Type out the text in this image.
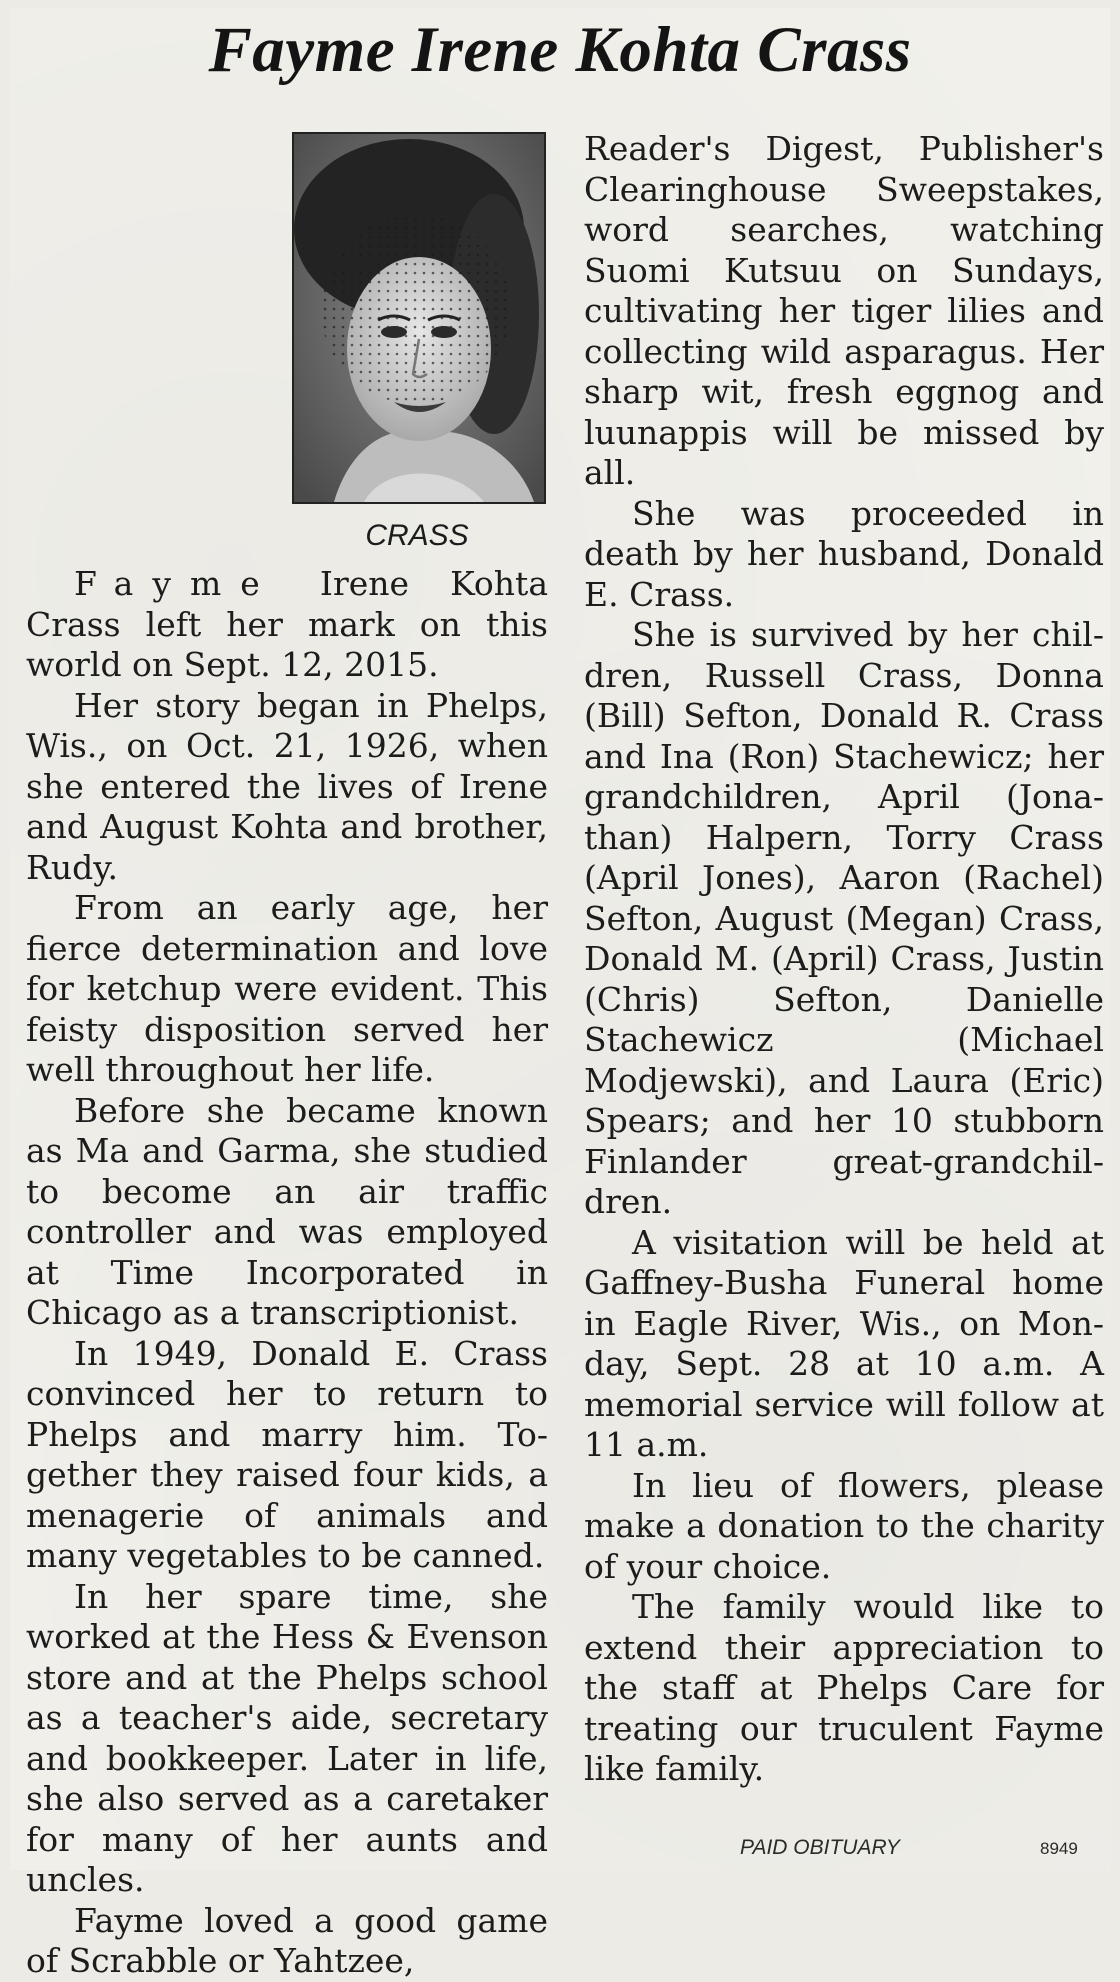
Fayme Irene Kohta Crass
CRASS

Fayme Irene Kohta Crass left her mark on this world on Sept. 12, 2015.

Her story began in Phelps, Wis., on Oct. 21, 1926, when she entered the lives of Irene and August Kohta and brother, Rudy.

From an early age, her fierce determination and love for ketchup were evident. This feisty disposition served her well throughout her life.

Before she became known as Ma and Garma, she studied to become an air traffic controller and was employed at Time Incorporated in Chicago as a transcriptionist.

In 1949, Donald E. Crass convinced her to return to Phelps and marry him. Together they raised four kids, a menagerie of animals and many vegetables to be canned.

In her spare time, she worked at the Hess & Evenson store and at the Phelps school as a teacher's aide, secretary and bookkeeper. Later in life, she also served as a caretaker for many of her aunts and uncles.

Fayme loved a good game of Scrabble or Yahtzee,

Reader's Digest, Publisher's Clearinghouse Sweepstakes, word searches, watching Suomi Kutsuu on Sundays, cultivating her tiger lilies and collecting wild asparagus. Her sharp wit, fresh eggnog and luunappis will be missed by all.

She was proceeded in death by her husband, Donald E. Crass.

She is survived by her children, Russell Crass, Donna (Bill) Sefton, Donald R. Crass and Ina (Ron) Stachewicz; her grandchildren, April (Jonathan) Halpern, Torry Crass (April Jones), Aaron (Rachel) Sefton, August (Megan) Crass, Donald M. (April) Crass, Justin (Chris) Sefton, Danielle Stachewicz (Michael Modjewski), and Laura (Eric) Spears; and her 10 stubborn Finlander great-grandchildren.

A visitation will be held at Gaffney-Busha Funeral home in Eagle River, Wis., on Monday, Sept. 28 at 10 a.m. A memorial service will follow at 11 a.m.

In lieu of flowers, please make a donation to the charity of your choice.

The family would like to extend their appreciation to the staff at Phelps Care for treating our truculent Fayme like family.

PAID OBITUARY	8949
